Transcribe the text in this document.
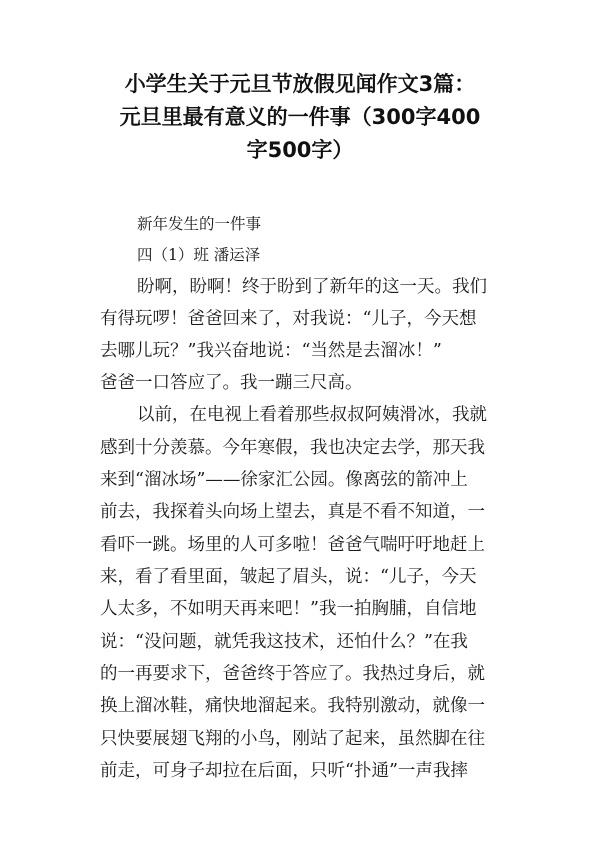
小学生关于元旦节放假见闻作文3篇：
元旦里最有意义的一件事（300字400
字500字）

新年发生的一件事

四（1）班 潘运泽

盼啊，盼啊！终于盼到了新年的这一天。我们

有得玩啰！爸爸回来了，对我说：“儿子，今天想

去哪儿玩？”我兴奋地说：“当然是去溜冰！”

爸爸一口答应了。我一蹦三尺高。

以前，在电视上看着那些叔叔阿姨滑冰，我就

感到十分羡慕。今年寒假，我也决定去学，那天我

来到“溜冰场”——徐家汇公园。像离弦的箭冲上

前去，我探着头向场上望去，真是不看不知道，一

看吓一跳。场里的人可多啦！爸爸气喘吁吁地赶上

来，看了看里面，皱起了眉头，说：“儿子，今天

人太多，不如明天再来吧！”我一拍胸脯，自信地

说：“没问题，就凭我这技术，还怕什么？”在我

的一再要求下，爸爸终于答应了。我热过身后，就

换上溜冰鞋，痛快地溜起来。我特别激动，就像一

只快要展翅飞翔的小鸟，刚站了起来，虽然脚在往

前走，可身子却拉在后面，只听“扑通”一声我摔
